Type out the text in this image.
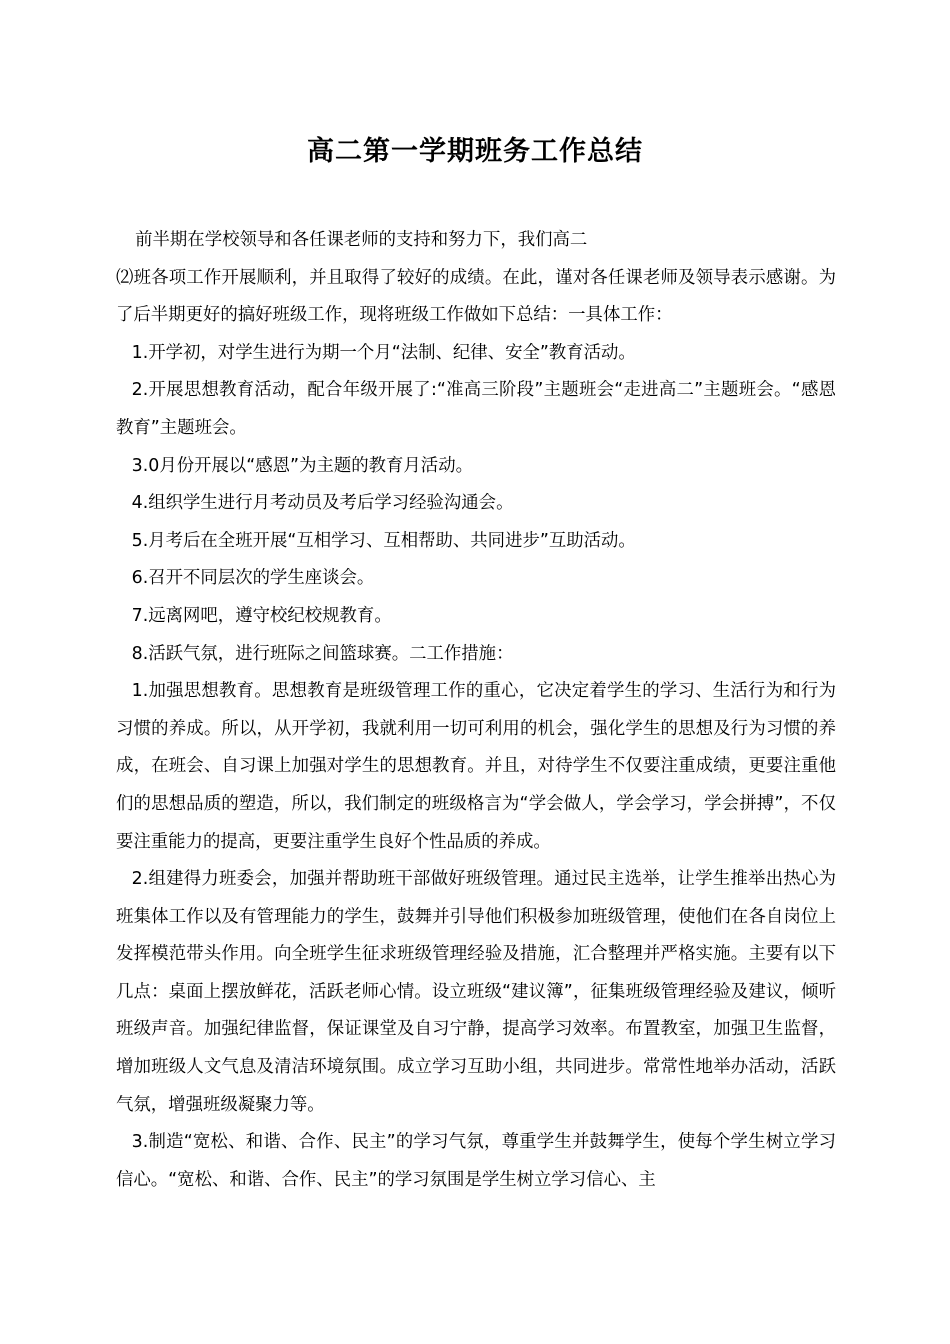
高二第一学期班务工作总结

前半期在学校领导和各任课老师的支持和努力下，我们高二

⑵班各项工作开展顺利，并且取得了较好的成绩。在此，谨对各任课老师及领导表示感谢。为了后半期更好的搞好班级工作，现将班级工作做如下总结：一具体工作：

1.开学初，对学生进行为期一个月“法制、纪律、安全”教育活动。

2.开展思想教育活动，配合年级开展了:“准高三阶段”主题班会“走进高二”主题班会。“感恩教育”主题班会。

3.0月份开展以“感恩”为主题的教育月活动。

4.组织学生进行月考动员及考后学习经验沟通会。

5.月考后在全班开展“互相学习、互相帮助、共同进步”互助活动。

6.召开不同层次的学生座谈会。

7.远离网吧，遵守校纪校规教育。

8.活跃气氛，进行班际之间篮球赛。二工作措施：

1.加强思想教育。思想教育是班级管理工作的重心，它决定着学生的学习、生活行为和行为习惯的养成。所以，从开学初，我就利用一切可利用的机会，强化学生的思想及行为习惯的养成，在班会、自习课上加强对学生的思想教育。并且，对待学生不仅要注重成绩，更要注重他们的思想品质的塑造，所以，我们制定的班级格言为“学会做人，学会学习，学会拼搏”，不仅要注重能力的提高，更要注重学生良好个性品质的养成。

2.组建得力班委会，加强并帮助班干部做好班级管理。通过民主选举，让学生推举出热心为班集体工作以及有管理能力的学生，鼓舞并引导他们积极参加班级管理，使他们在各自岗位上发挥模范带头作用。向全班学生征求班级管理经验及措施，汇合整理并严格实施。主要有以下几点：桌面上摆放鲜花，活跃老师心情。设立班级“建议簿”，征集班级管理经验及建议，倾听班级声音。加强纪律监督，保证课堂及自习宁静，提高学习效率。布置教室，加强卫生监督，增加班级人文气息及清洁环境氛围。成立学习互助小组，共同进步。常常性地举办活动，活跃气氛，增强班级凝聚力等。

3.制造“宽松、和谐、合作、民主”的学习气氛，尊重学生并鼓舞学生，使每个学生树立学习信心。“宽松、和谐、合作、民主”的学习氛围是学生树立学习信心、主
